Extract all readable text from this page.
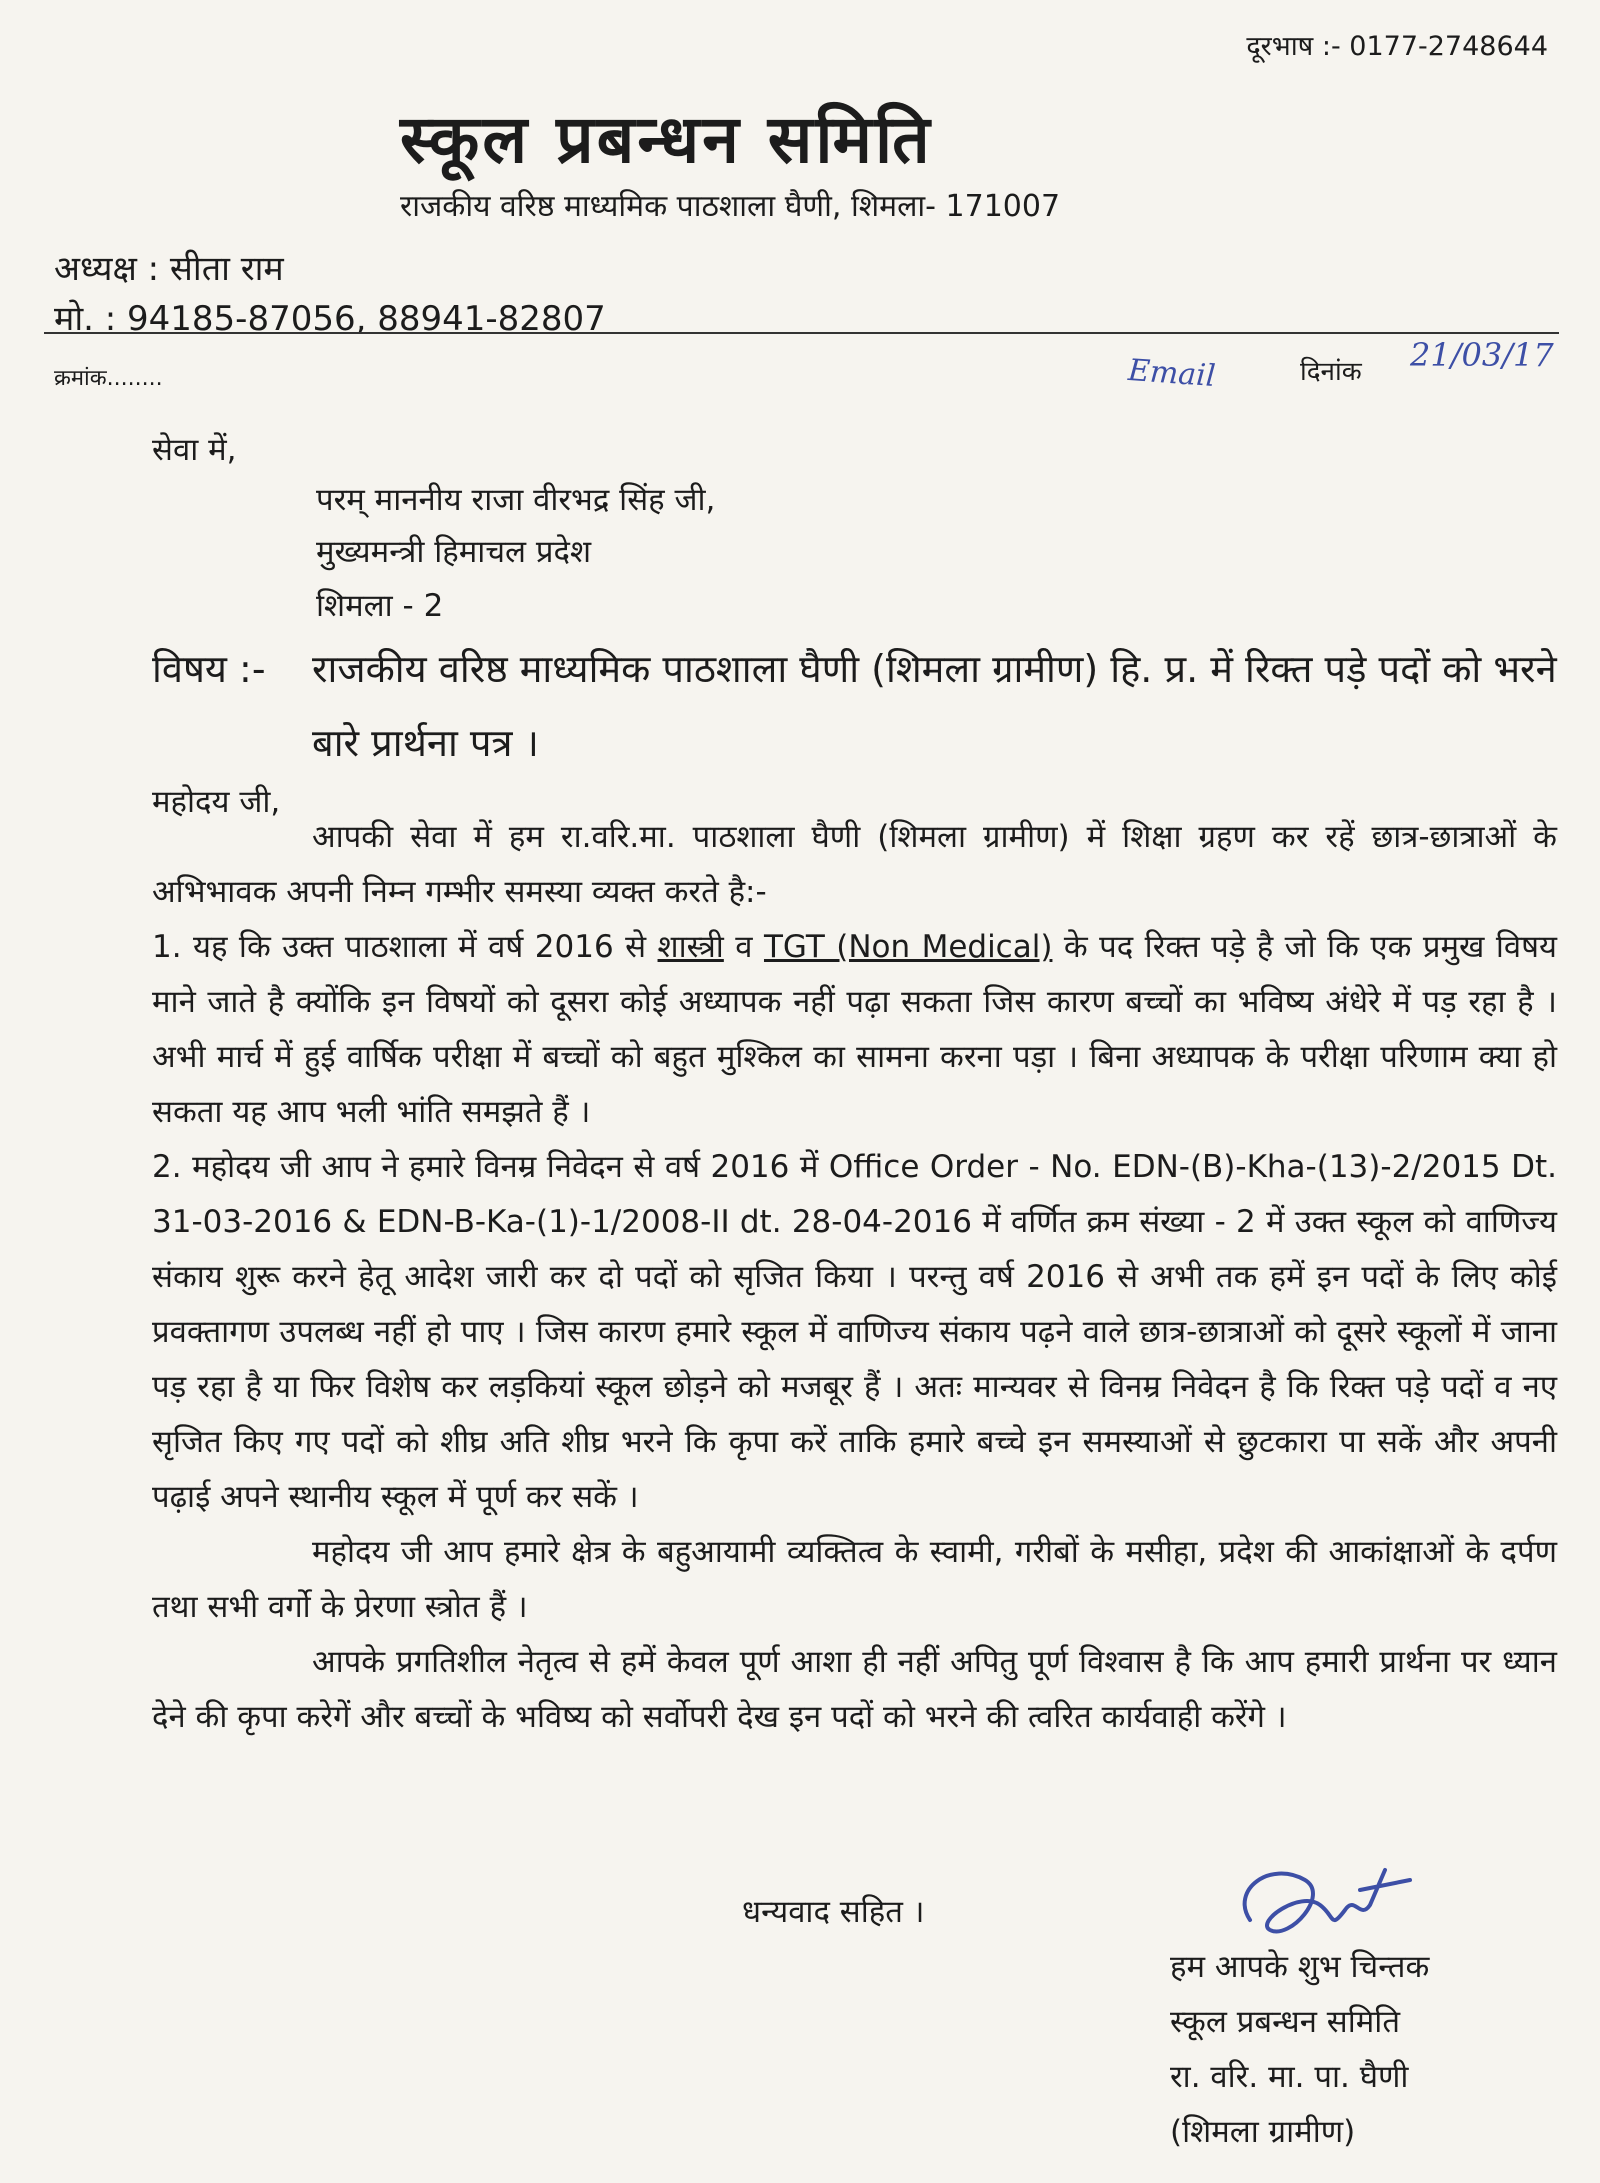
दूरभाष :- 0177-2748644
स्कूल प्रबन्धन समिति
राजकीय वरिष्ठ माध्यमिक पाठशाला घैणी, शिमला- 171007
अध्यक्ष : सीता राम
मो. : 94185-87056, 88941-82807
क्रमांक........	Email	दिनांक 21/03/17
सेवा में,
परम् माननीय राजा वीरभद्र सिंह जी,
मुख्यमन्त्री हिमाचल प्रदेश
शिमला - 2
विषय :- राजकीय वरिष्ठ माध्यमिक पाठशाला घैणी (शिमला ग्रामीण) हि. प्र. में रिक्त पड़े पदों को भरने बारे प्रार्थना पत्र ।
महोदय जी,

आपकी सेवा में हम रा.वरि.मा. पाठशाला घैणी (शिमला ग्रामीण) में शिक्षा ग्रहण कर रहें छात्र-छात्राओं के अभिभावक अपनी निम्न गम्भीर समस्या व्यक्त करते है:-

1. यह कि उक्त पाठशाला में वर्ष 2016 से शास्त्री व TGT (Non Medical) के पद रिक्त पड़े है जो कि एक प्रमुख विषय माने जाते है क्योंकि इन विषयों को दूसरा कोई अध्यापक नहीं पढ़ा सकता जिस कारण बच्चों का भविष्य अंधेरे में पड़ रहा है । अभी मार्च में हुई वार्षिक परीक्षा में बच्चों को बहुत मुश्किल का सामना करना पड़ा । बिना अध्यापक के परीक्षा परिणाम क्या हो सकता यह आप भली भांति समझते हैं ।

2. महोदय जी आप ने हमारे विनम्र निवेदन से वर्ष 2016 में Office Order - No. EDN-(B)-Kha-(13)-2/2015 Dt. 31-03-2016 & EDN-B-Ka-(1)-1/2008-II dt. 28-04-2016 में वर्णित क्रम संख्या - 2 में उक्त स्कूल को वाणिज्य संकाय शुरू करने हेतू आदेश जारी कर दो पदों को सृजित किया । परन्तु वर्ष 2016 से अभी तक हमें इन पदों के लिए कोई प्रवक्तागण उपलब्ध नहीं हो पाए । जिस कारण हमारे स्कूल में वाणिज्य संकाय पढ़ने वाले छात्र-छात्राओं को दूसरे स्कूलों में जाना पड़ रहा है या फिर विशेष कर लड़कियां स्कूल छोड़ने को मजबूर हैं । अतः मान्यवर से विनम्र निवेदन है कि रिक्त पड़े पदों व नए सृजित किए गए पदों को शीघ्र अति शीघ्र भरने कि कृपा करें ताकि हमारे बच्चे इन समस्याओं से छुटकारा पा सकें और अपनी पढ़ाई अपने स्थानीय स्कूल में पूर्ण कर सकें ।

महोदय जी आप हमारे क्षेत्र के बहुआयामी व्यक्तित्व के स्वामी, गरीबों के मसीहा, प्रदेश की आकांक्षाओं के दर्पण तथा सभी वर्गो के प्रेरणा स्त्रोत हैं ।

आपके प्रगतिशील नेतृत्व से हमें केवल पूर्ण आशा ही नहीं अपितु पूर्ण विश्वास है कि आप हमारी प्रार्थना पर ध्यान देने की कृपा करेगें और बच्चों के भविष्य को सर्वोपरी देख इन पदों को भरने की त्वरित कार्यवाही करेंगे ।

धन्यवाद सहित ।
हम आपके शुभ चिन्तक
स्कूल प्रबन्धन समिति
रा. वरि. मा. पा. घैणी
(शिमला ग्रामीण)
